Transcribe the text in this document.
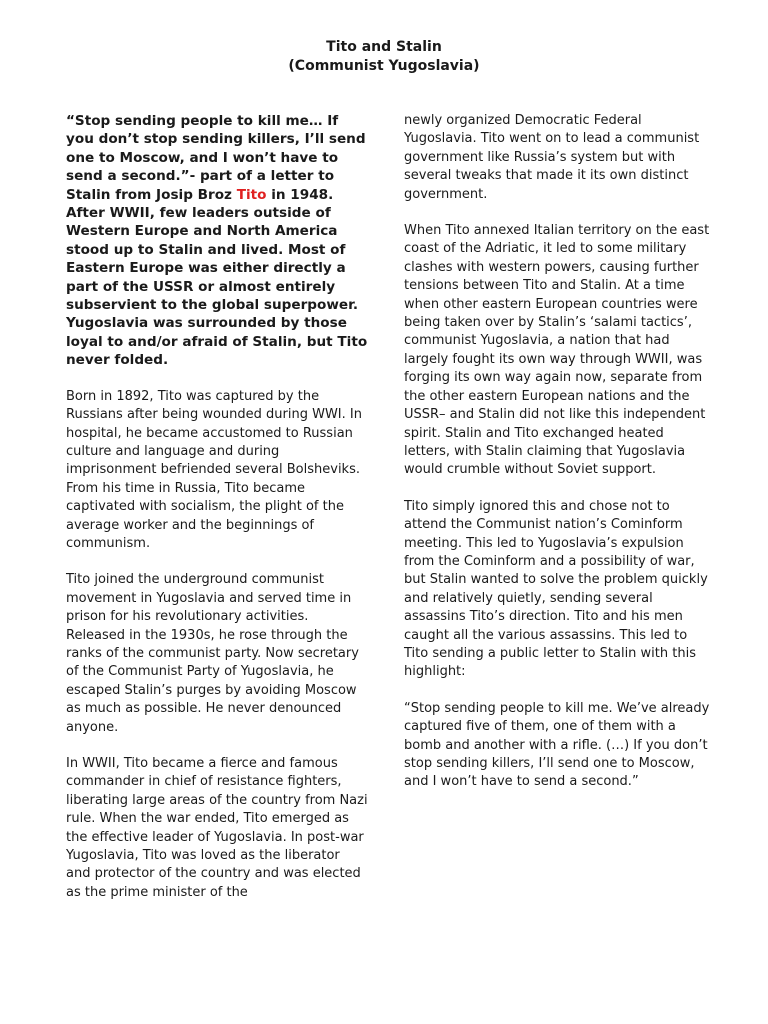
Tito and Stalin
(Communist Yugoslavia)

“Stop sending people to kill me… If you don’t stop sending killers, I’ll send one to Moscow, and I won’t have to send a second.”- part of a letter to Stalin from Josip Broz Tito in 1948. After WWII, few leaders outside of Western Europe and North America stood up to Stalin and lived. Most of Eastern Europe was either directly a part of the USSR or almost entirely subservient to the global superpower. Yugoslavia was surrounded by those loyal to and/or afraid of Stalin, but Tito never folded.

Born in 1892, Tito was captured by the Russians after being wounded during WWI. In hospital, he became accustomed to Russian culture and language and during imprisonment befriended several Bolsheviks. From his time in Russia, Tito became captivated with socialism, the plight of the average worker and the beginnings of communism.

Tito joined the underground communist movement in Yugoslavia and served time in prison for his revolutionary activities. Released in the 1930s, he rose through the ranks of the communist party. Now secretary of the Communist Party of Yugoslavia, he escaped Stalin’s purges by avoiding Moscow as much as possible. He never denounced anyone.

In WWII, Tito became a fierce and famous commander in chief of resistance fighters, liberating large areas of the country from Nazi rule. When the war ended, Tito emerged as the effective leader of Yugoslavia. In post-war Yugoslavia, Tito was loved as the liberator and protector of the country and was elected as the prime minister of the

newly organized Democratic Federal Yugoslavia. Tito went on to lead a communist government like Russia’s system but with several tweaks that made it its own distinct government.

When Tito annexed Italian territory on the east coast of the Adriatic, it led to some military clashes with western powers, causing further tensions between Tito and Stalin. At a time when other eastern European countries were being taken over by Stalin’s ‘salami tactics’, communist Yugoslavia, a nation that had largely fought its own way through WWII, was forging its own way again now, separate from the other eastern European nations and the USSR– and Stalin did not like this independent spirit. Stalin and Tito exchanged heated letters, with Stalin claiming that Yugoslavia would crumble without Soviet support.

Tito simply ignored this and chose not to attend the Communist nation’s Cominform meeting. This led to Yugoslavia’s expulsion from the Cominform and a possibility of war, but Stalin wanted to solve the problem quickly and relatively quietly, sending several assassins Tito’s direction. Tito and his men caught all the various assassins. This led to Tito sending a public letter to Stalin with this highlight:

“Stop sending people to kill me. We’ve already captured five of them, one of them with a bomb and another with a rifle. (…) If you don’t stop sending killers, I’ll send one to Moscow, and I won’t have to send a second.”
